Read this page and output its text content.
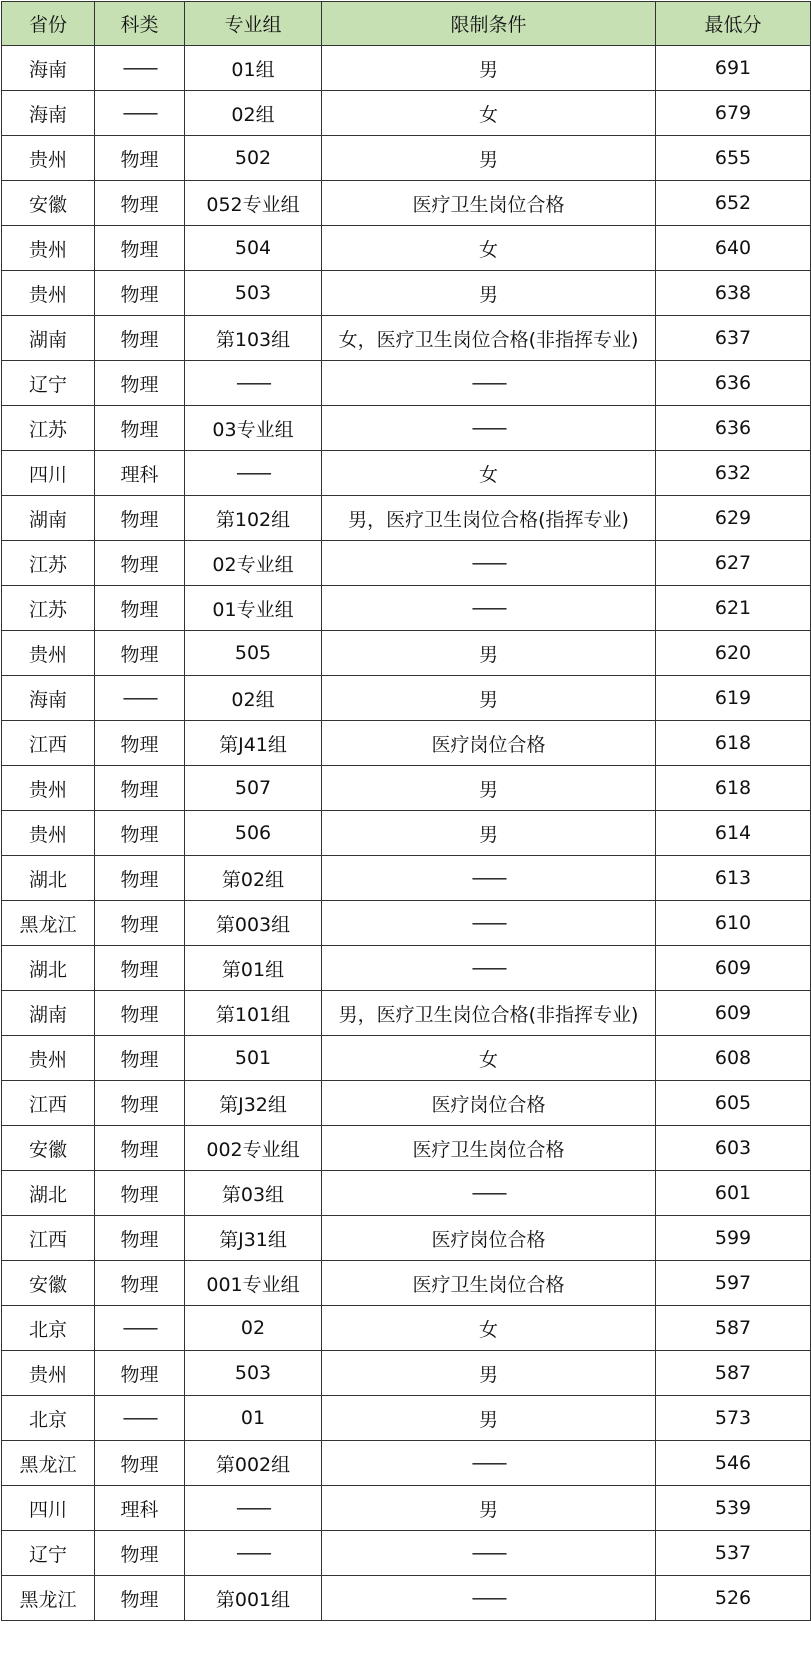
省份	科类	专业组	限制条件	最低分
海南	——	01组	男	691
海南	——	02组	女	679
贵州	物理	502	男	655
安徽	物理	052专业组	医疗卫生岗位合格	652
贵州	物理	504	女	640
贵州	物理	503	男	638
湖南	物理	第103组	女，医疗卫生岗位合格(非指挥专业)	637
辽宁	物理	——	——	636
江苏	物理	03专业组	——	636
四川	理科	——	女	632
湖南	物理	第102组	男，医疗卫生岗位合格(指挥专业)	629
江苏	物理	02专业组	——	627
江苏	物理	01专业组	——	621
贵州	物理	505	男	620
海南	——	02组	男	619
江西	物理	第J41组	医疗岗位合格	618
贵州	物理	507	男	618
贵州	物理	506	男	614
湖北	物理	第02组	——	613
黑龙江	物理	第003组	——	610
湖北	物理	第01组	——	609
湖南	物理	第101组	男，医疗卫生岗位合格(非指挥专业)	609
贵州	物理	501	女	608
江西	物理	第J32组	医疗岗位合格	605
安徽	物理	002专业组	医疗卫生岗位合格	603
湖北	物理	第03组	——	601
江西	物理	第J31组	医疗岗位合格	599
安徽	物理	001专业组	医疗卫生岗位合格	597
北京	——	02	女	587
贵州	物理	503	男	587
北京	——	01	男	573
黑龙江	物理	第002组	——	546
四川	理科	——	男	539
辽宁	物理	——	——	537
黑龙江	物理	第001组	——	526
